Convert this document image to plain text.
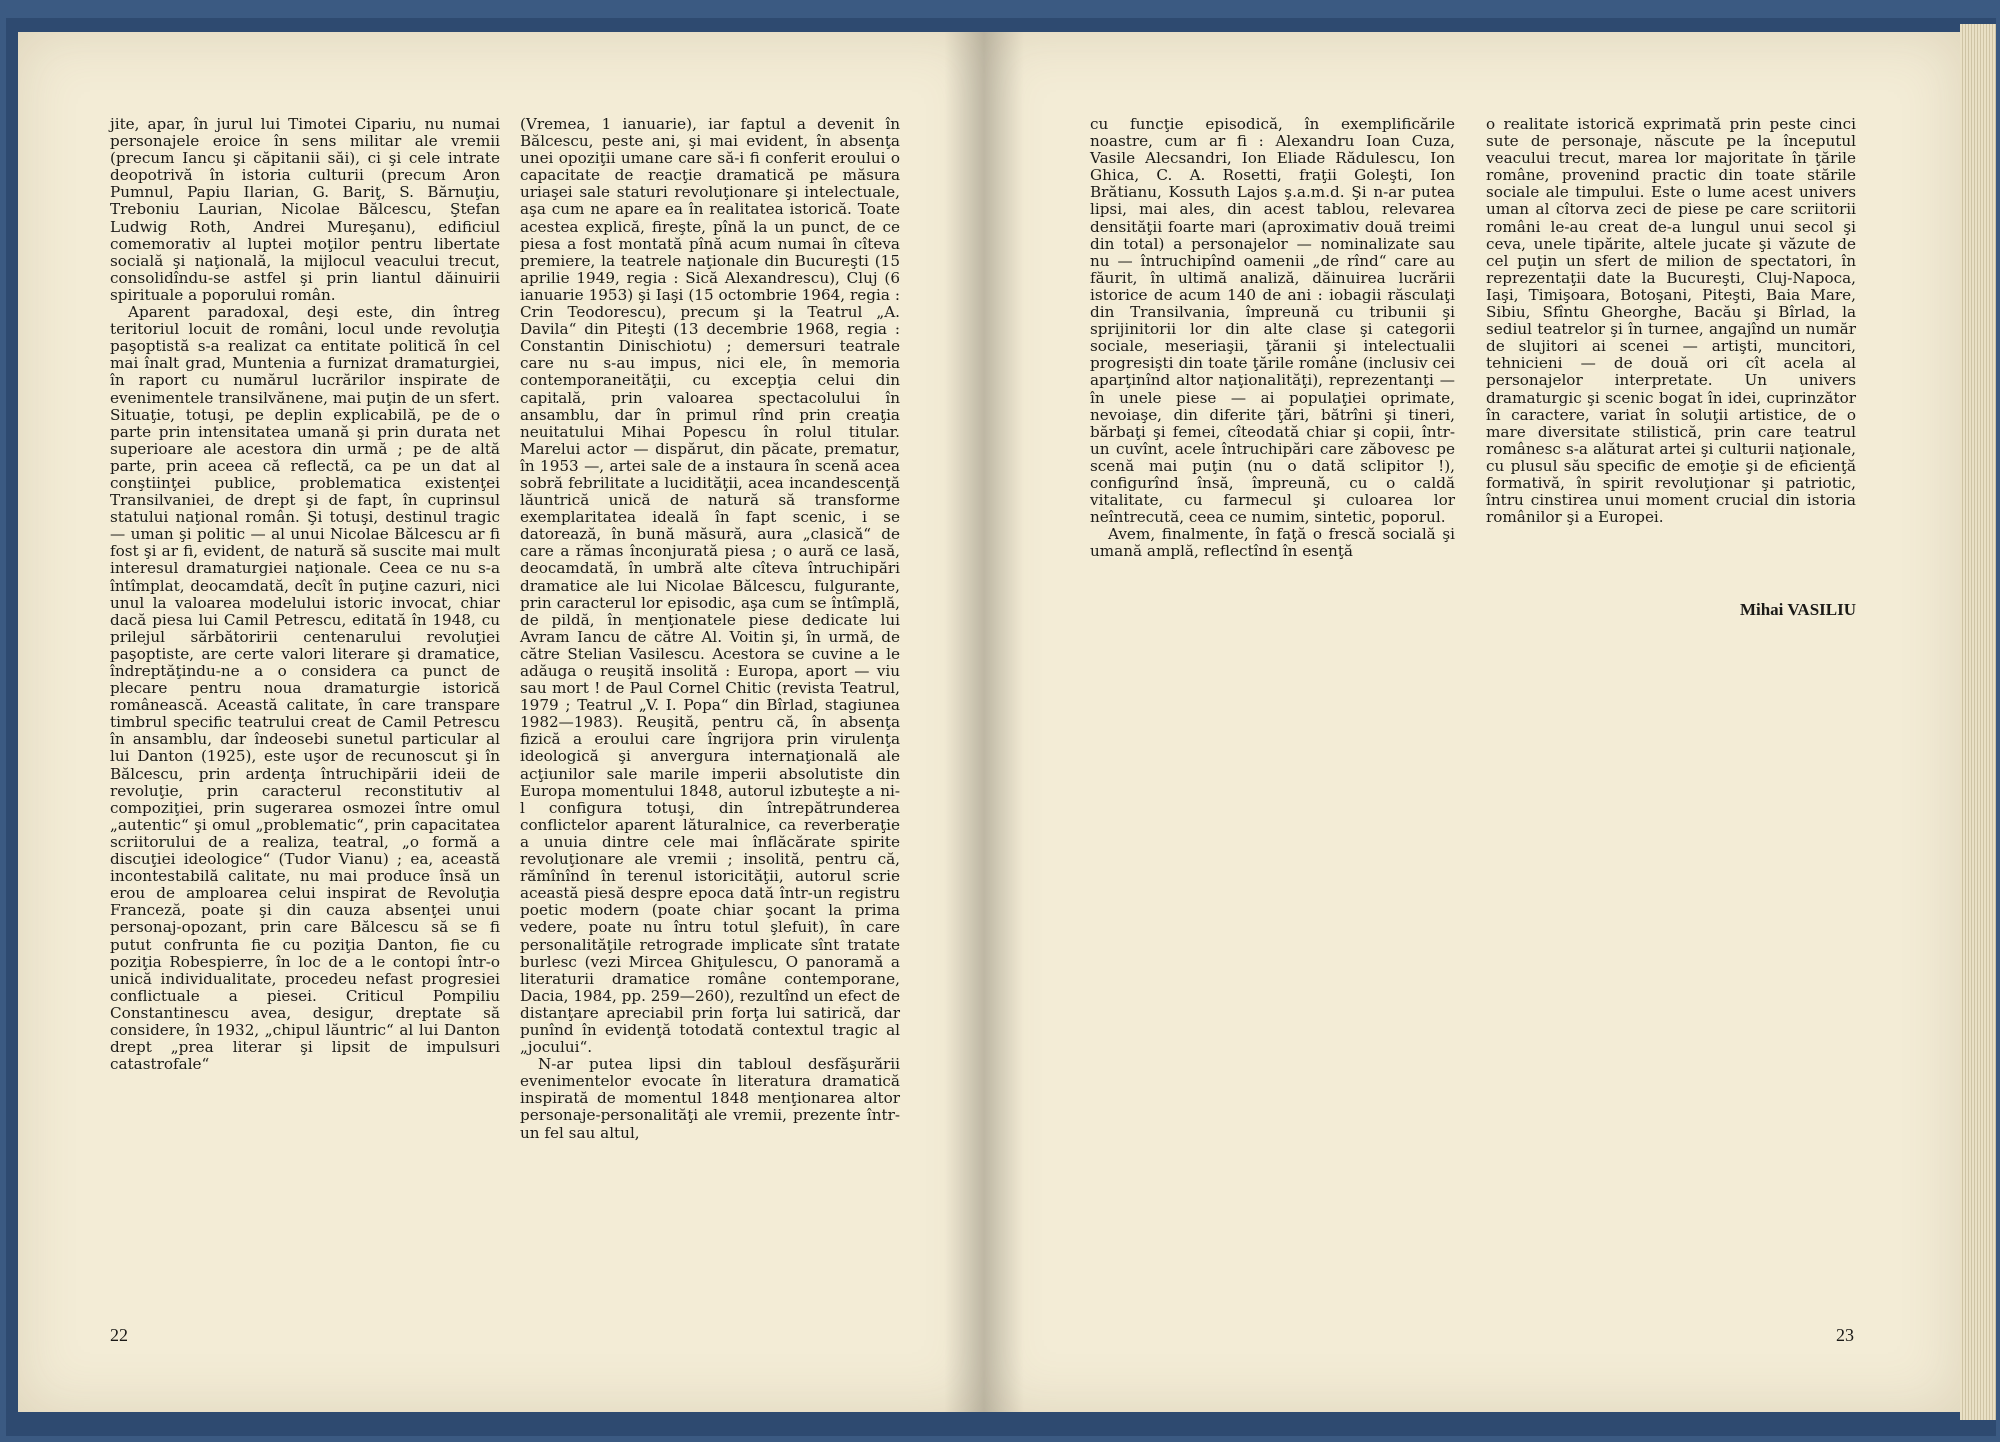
jite, apar, în jurul lui Timotei Cipariu, nu numai personajele eroice în sens militar ale vremii (precum Iancu şi căpitanii săi), ci şi cele intrate deopotrivă în istoria culturii (precum Aron Pumnul, Papiu Ilarian, G. Bariţ, S. Bărnuţiu, Treboniu Laurian, Nicolae Bălcescu, Ştefan Ludwig Roth, Andrei Mureşanu), edificiul comemorativ al luptei moţilor pentru libertate socială şi naţională, la mijlocul veacului trecut, consolidîndu-se astfel şi prin liantul dăinuirii spirituale a poporului român.

Aparent paradoxal, deşi este, din întreg teritoriul locuit de români, locul unde revoluţia paşoptistă s-a realizat ca entitate politică în cel mai înalt grad, Muntenia a furnizat dramaturgiei, în raport cu numărul lucrărilor inspirate de evenimentele transilvănene, mai puţin de un sfert. Situaţie, totuşi, pe deplin explicabilă, pe de o parte prin intensitatea umană şi prin durata net superioare ale acestora din urmă ; pe de altă parte, prin aceea că reflectă, ca pe un dat al conştiinţei publice, problematica existenţei Transilvaniei, de drept şi de fapt, în cuprinsul statului naţional român. Şi totuşi, destinul tragic — uman şi politic — al unui Nicolae Bălcescu ar fi fost şi ar fi, evident, de natură să suscite mai mult interesul dramaturgiei naţionale. Ceea ce nu s-a întîmplat, deocamdată, decît în puţine cazuri, nici unul la valoarea modelului istoric invocat, chiar dacă piesa lui Camil Petrescu, editată în 1948, cu prilejul sărbătoririi centenarului revoluţiei paşoptiste, are certe valori literare şi dramatice, îndreptăţindu-ne a o considera ca punct de plecare pentru noua dramaturgie istorică românească. Această calitate, în care transpare timbrul specific teatrului creat de Camil Petrescu în ansamblu, dar îndeosebi sunetul particular al lui Danton (1925), este uşor de recunoscut şi în Bălcescu, prin ardenţa întruchipării ideii de revoluţie, prin caracterul reconstitutiv al compoziţiei, prin sugerarea osmozei între omul „autentic“ şi omul „problematic“, prin capacitatea scriitorului de a realiza, teatral, „o formă a discuţiei ideologice“ (Tudor Vianu) ; ea, această incontestabilă calitate, nu mai produce însă un erou de amploarea celui inspirat de Revoluţia Franceză, poate şi din cauza absenţei unui personaj-opozant, prin care Bălcescu să se fi putut confrunta fie cu poziţia Danton, fie cu poziţia Robespierre, în loc de a le contopi într-o unică individualitate, procedeu nefast progresiei conflictuale a piesei. Criticul Pompiliu Constantinescu avea, desigur, dreptate să considere, în 1932, „chipul lăuntric“ al lui Danton drept „prea literar şi lipsit de impulsuri catastrofale“

(Vremea, 1 ianuarie), iar faptul a devenit în Bălcescu, peste ani, şi mai evident, în absenţa unei opoziţii umane care să-i fi conferit eroului o capacitate de reacţie dramatică pe măsura uriaşei sale staturi revoluţionare şi intelectuale, aşa cum ne apare ea în realitatea istorică. Toate acestea explică, fireşte, pînă la un punct, de ce piesa a fost montată pînă acum numai în cîteva premiere, la teatrele naţionale din Bucureşti (15 aprilie 1949, regia : Sică Alexandrescu), Cluj (6 ianuarie 1953) şi Iaşi (15 octombrie 1964, regia : Crin Teodorescu), precum şi la Teatrul „A. Davila“ din Piteşti (13 decembrie 1968, regia : Constantin Dinischiotu) ; demersuri teatrale care nu s-au impus, nici ele, în memoria contemporaneităţii, cu excepţia celui din capitală, prin valoarea spectacolului în ansamblu, dar în primul rînd prin creaţia neuitatului Mihai Popescu în rolul titular. Marelui actor — dispărut, din păcate, prematur, în 1953 —, artei sale de a instaura în scenă acea sobră febrilitate a lucidităţii, acea incandescenţă lăuntrică unică de natură să transforme exemplaritatea ideală în fapt scenic, i se datorează, în bună măsură, aura „clasică“ de care a rămas înconjurată piesa ; o aură ce lasă, deocamdată, în umbră alte cîteva întruchipări dramatice ale lui Nicolae Bălcescu, fulgurante, prin caracterul lor episodic, aşa cum se întîmplă, de pildă, în menţionatele piese dedicate lui Avram Iancu de către Al. Voitin şi, în urmă, de către Stelian Vasilescu. Acestora se cuvine a le adăuga o reuşită insolită : Europa, aport — viu sau mort ! de Paul Cornel Chitic (revista Teatrul, 1979 ; Teatrul „V. I. Popa“ din Bîrlad, stagiunea 1982—1983). Reuşită, pentru că, în absenţa fizică a eroului care îngrijora prin virulenţa ideologică şi anvergura internaţională ale acţiunilor sale marile imperii absolutiste din Europa momentului 1848, autorul izbuteşte a ni-l configura totuşi, din întrepătrunderea conflictelor aparent lăturalnice, ca reverberaţie a unuia dintre cele mai înflăcărate spirite revoluţionare ale vremii ; insolită, pentru că, rămînînd în terenul istoricităţii, autorul scrie această piesă despre epoca dată într-un registru poetic modern (poate chiar şocant la prima vedere, poate nu întru totul şlefuit), în care personalităţile retrograde implicate sînt tratate burlesc (vezi Mircea Ghiţulescu, O panoramă a literaturii dramatice române contemporane, Dacia, 1984, pp. 259—260), rezultînd un efect de distanţare apreciabil prin forţa lui satirică, dar punînd în evidenţă totodată contextul tragic al „jocului“.

N-ar putea lipsi din tabloul desfăşurării evenimentelor evocate în literatura dramatică inspirată de momentul 1848 menţionarea altor personaje-personalităţi ale vremii, prezente într-un fel sau altul,

cu funcţie episodică, în exemplificările noastre, cum ar fi : Alexandru Ioan Cuza, Vasile Alecsandri, Ion Eliade Rădulescu, Ion Ghica, C. A. Rosetti, fraţii Goleşti, Ion Brătianu, Kossuth Lajos ş.a.m.d. Şi n-ar putea lipsi, mai ales, din acest tablou, relevarea densităţii foarte mari (aproximativ două treimi din total) a personajelor — nominalizate sau nu — întruchipînd oamenii „de rînd“ care au făurit, în ultimă analiză, dăinuirea lucrării istorice de acum 140 de ani : iobagii răsculaţi din Transilvania, împreună cu tribunii şi sprijinitorii lor din alte clase şi categorii sociale, meseriaşii, ţăranii şi intelectualii progresişti din toate ţările române (inclusiv cei aparţinînd altor naţionalităţi), reprezentanţi — în unele piese — ai populaţiei oprimate, nevoiaşe, din diferite ţări, bătrîni şi tineri, bărbaţi şi femei, cîteodată chiar şi copii, într-un cuvînt, acele întruchipări care zăbovesc pe scenă mai puţin (nu o dată sclipitor !), configurînd însă, împreună, cu o caldă vitalitate, cu farmecul şi culoarea lor neîntrecută, ceea ce numim, sintetic, poporul.

Avem, finalmente, în faţă o frescă socială şi umană amplă, reflectînd în esenţă

o realitate istorică exprimată prin peste cinci sute de personaje, născute pe la începutul veacului trecut, marea lor majoritate în ţările române, provenind practic din toate stările sociale ale timpului. Este o lume acest univers uman al cîtorva zeci de piese pe care scriitorii români le-au creat de-a lungul unui secol şi ceva, unele tipărite, altele jucate şi văzute de cel puţin un sfert de milion de spectatori, în reprezentaţii date la Bucureşti, Cluj-Napoca, Iaşi, Timişoara, Botoşani, Piteşti, Baia Mare, Sibiu, Sfîntu Gheorghe, Bacău şi Bîrlad, la sediul teatrelor şi în turnee, angajînd un număr de slujitori ai scenei — artişti, muncitori, tehnicieni — de două ori cît acela al personajelor interpretate. Un univers dramaturgic şi scenic bogat în idei, cuprinzător în caractere, variat în soluţii artistice, de o mare diversitate stilistică, prin care teatrul românesc s-a alăturat artei şi culturii naţionale, cu plusul său specific de emoţie şi de eficienţă formativă, în spirit revoluţionar şi patriotic, întru cinstirea unui moment crucial din istoria românilor şi a Europei.

Mihai VASILIU
22	23
